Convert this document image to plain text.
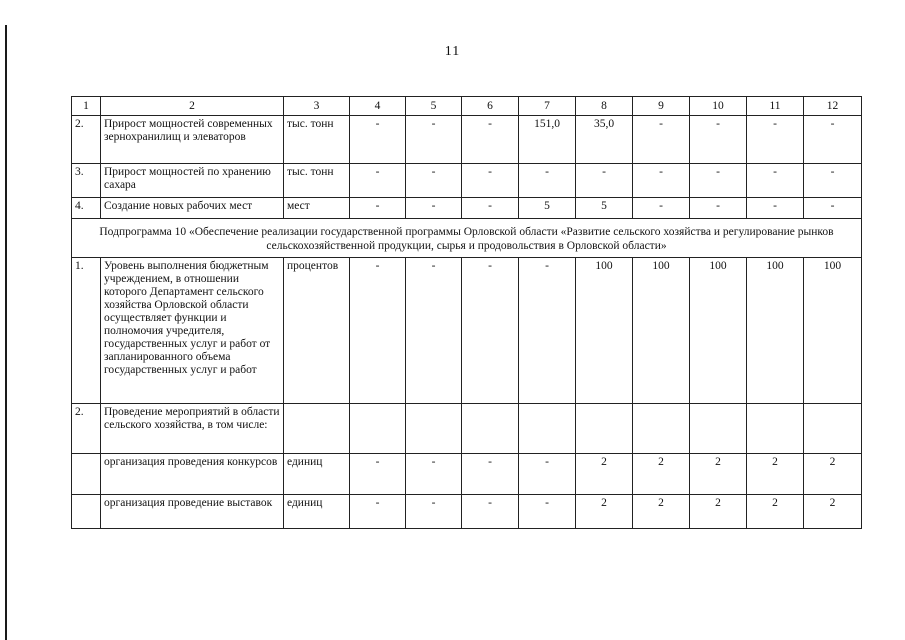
11
1	2	3	4	5	6	7	8	9	10	11	12
2.	Прирост мощностей современных зернохранилищ и элеваторов	тыс. тонн	-	-	-	151,0	35,0	-	-	-	-
3.	Прирост мощностей по хранению сахара	тыс. тонн	-	-	-	-	-	-	-	-	-
4.	Создание новых рабочих мест	мест	-	-	-	5	5	-	-	-	-
Подпрограмма 10 «Обеспечение реализации государственной программы Орловской области «Развитие сельского хозяйства и регулирование рынков сельскохозяйственной продукции, сырья и продовольствия в Орловской области»											
1.	Уровень выполнения бюджетным учреждением, в отношении которого Департамент сельского хозяйства Орловской области осуществляет функции и полномочия учредителя, государственных услуг и работ от запланированного объема государственных услуг и работ	процентов	-	-	-	-	100	100	100	100	100
2.	Проведение мероприятий в области сельского хозяйства, в том числе:										
	организация проведения конкурсов	единиц	-	-	-	-	2	2	2	2	2
	организация проведение выставок	единиц	-	-	-	-	2	2	2	2	2
